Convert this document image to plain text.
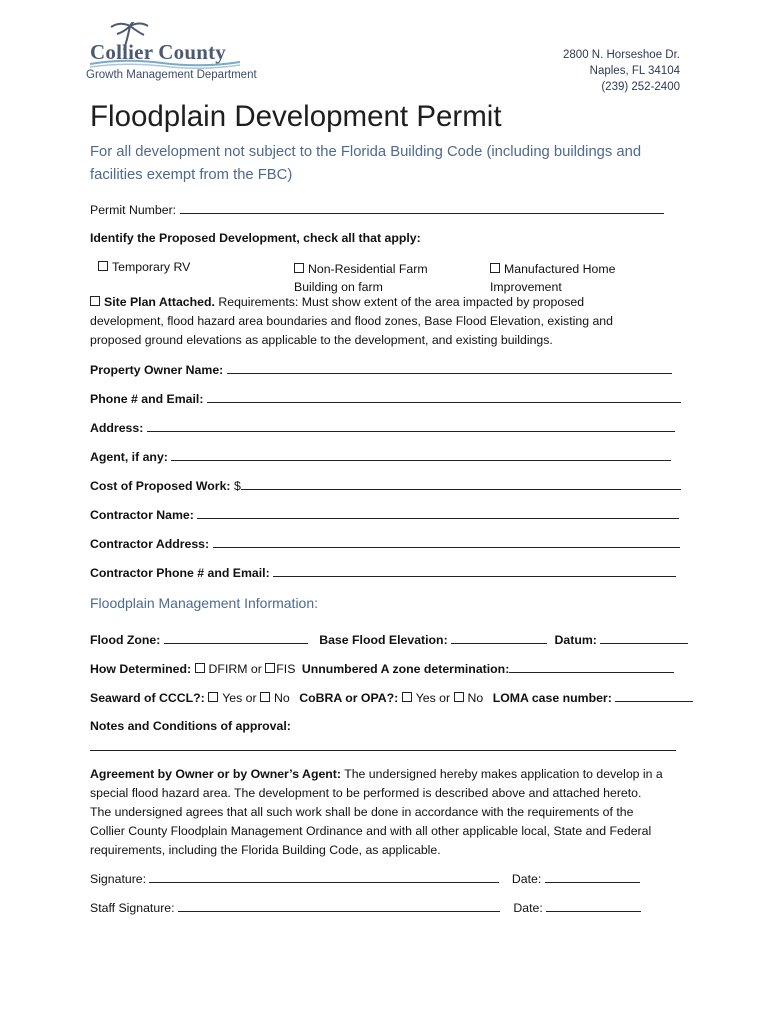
Collier County
Growth Management Department
2800 N. Horseshoe Dr.
Naples, FL 34104
(239) 252-2400
Floodplain Development Permit
For all development not subject to the Florida Building Code (including buildings and facilities exempt from the FBC)
Permit Number:
Identify the Proposed Development, check all that apply:
Temporary RV	Non-Residential Farm
Building on farm
Manufactured Home
Improvement
Site Plan Attached. Requirements: Must show extent of the area impacted by proposed
development, flood hazard area boundaries and flood zones, Base Flood Elevation, existing and
proposed ground elevations as applicable to the development, and existing buildings.
Property Owner Name:
Phone # and Email:
Address:
Agent, if any:
Cost of Proposed Work: $
Contractor Name:
Contractor Address:
Contractor Phone # and Email:
Floodplain Management Information:
Flood Zone:	Base Flood Elevation:	Datum:
How Determined: DFIRM or FIS Unnumbered A zone determination:
Seaward of CCCL?: Yes or No CoBRA or OPA?: Yes or No LOMA case number:
Notes and Conditions of approval:
Agreement by Owner or by Owner’s Agent: The undersigned hereby makes application to develop in a
special flood hazard area. The development to be performed is described above and attached hereto.
The undersigned agrees that all such work shall be done in accordance with the requirements of the
Collier County Floodplain Management Ordinance and with all other applicable local, State and Federal
requirements, including the Florida Building Code, as applicable.
Signature:	Date:
Staff Signature:	Date:
